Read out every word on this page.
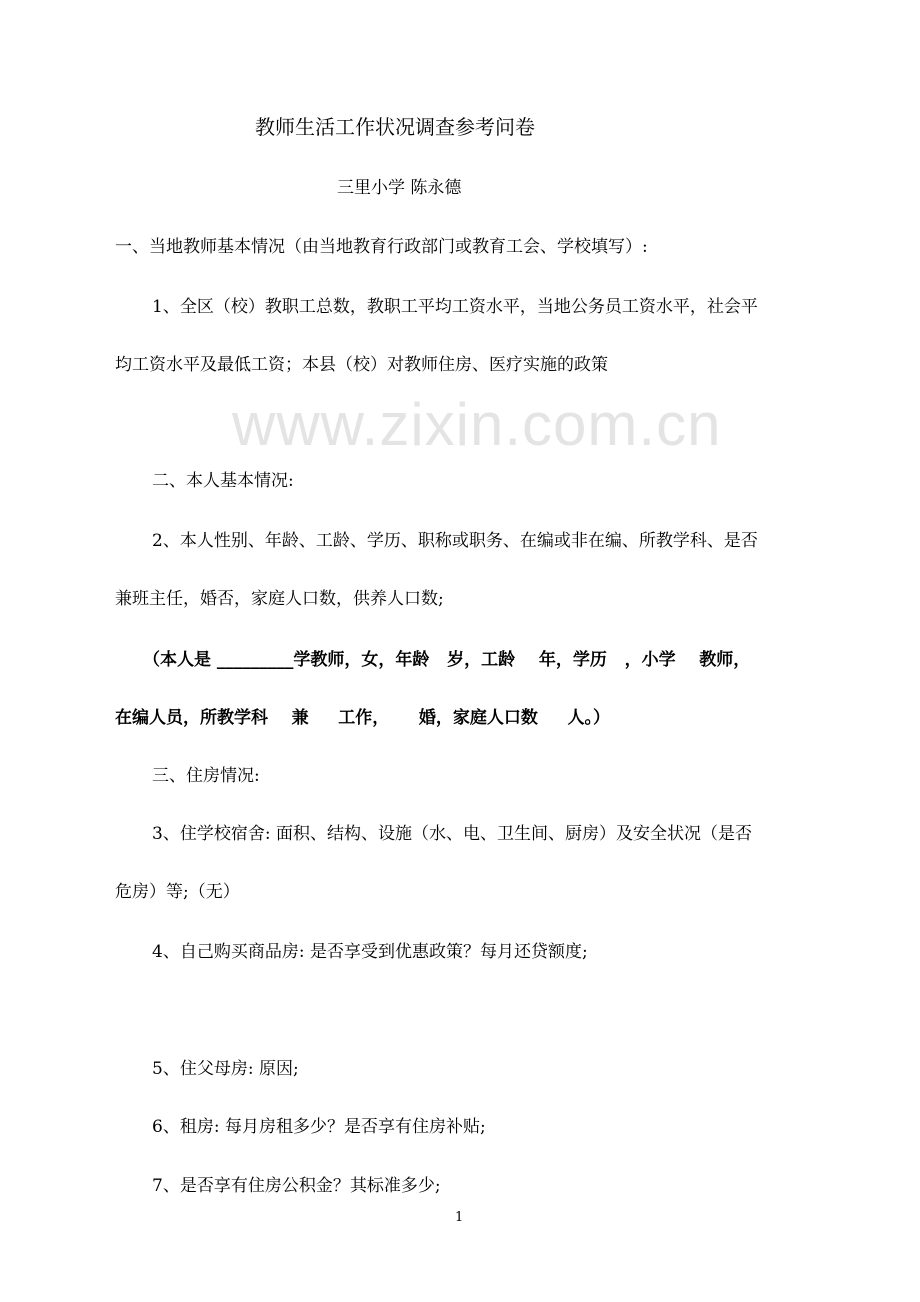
www.zixin.com.cn
教师生活工作状况调查参考问卷
三里小学 陈永德
一、当地教师基本情况（由当地教育行政部门或教育工会、学校填写）:
1、全区（校）教职工总数，教职工平均工资水平，当地公务员工资水平，社会平
均工资水平及最低工资；本县（校）对教师住房、医疗实施的政策
二、本人基本情况:
2、本人性别、年龄、工龄、学历、职称或职务、在编或非在编、所教学科、是否
兼班主任，婚否，家庭人口数，供养人口数;
（本人是 _________学教师，女，年龄   岁，工龄    年，学历   ，小学    教师，
在编人员，所教学科    兼     工作，     婚，家庭人口数     人。）
三、住房情况:
3、住学校宿舍: 面积、结构、设施（水、电、卫生间、厨房）及安全状况（是否
危房）等;（无）
4、自己购买商品房: 是否享受到优惠政策？每月还贷额度;
5、住父母房: 原因;
6、租房: 每月房租多少？是否享有住房补贴;
7、是否享有住房公积金？其标准多少;
1
